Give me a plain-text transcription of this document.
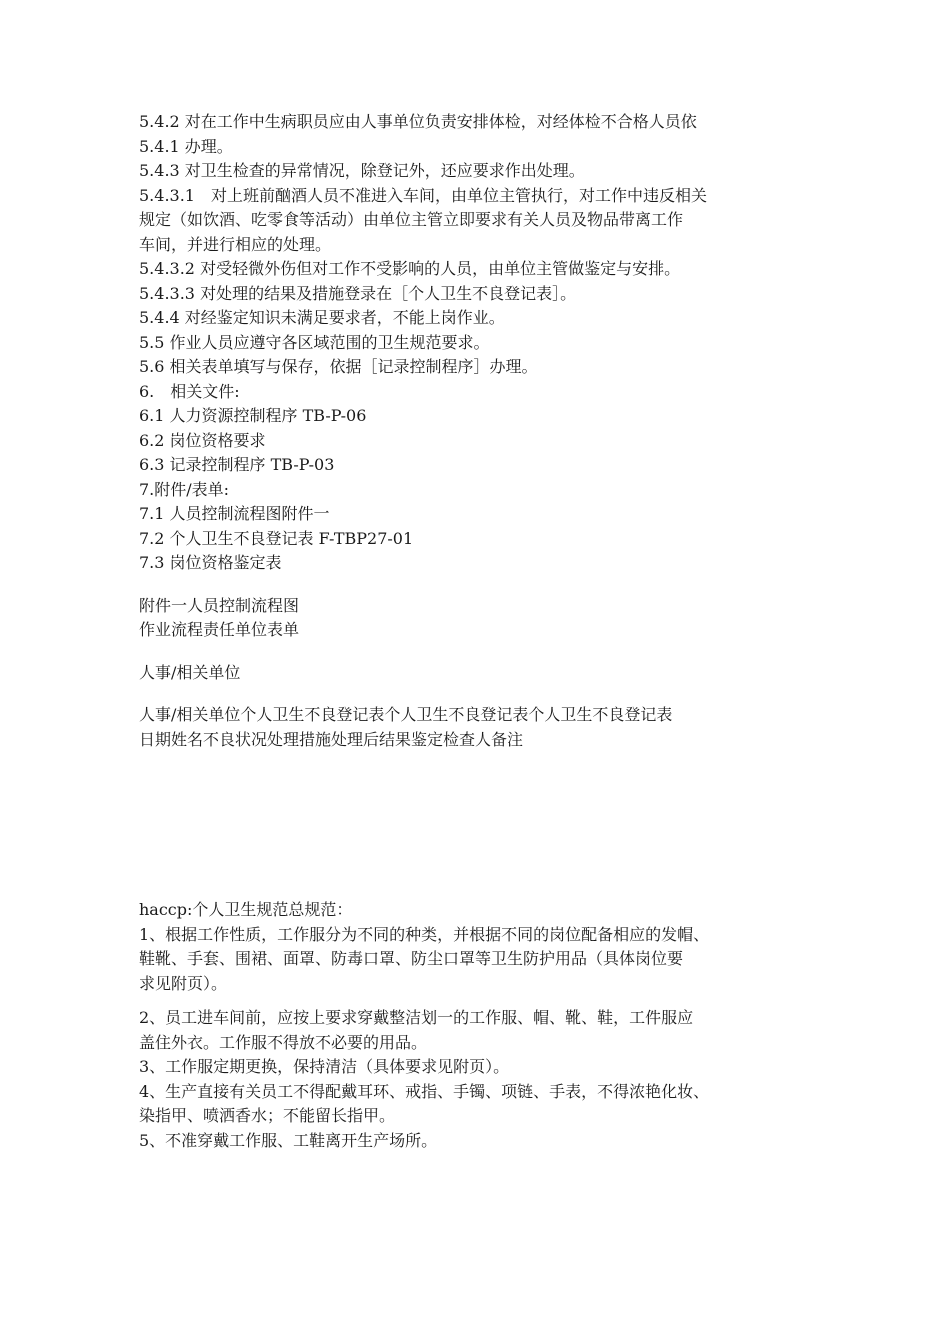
5.4.2 对在工作中生病职员应由人事单位负责安排体检，对经体检不合格人员依
5.4.1 办理。
5.4.3 对卫生检查的异常情况，除登记外，还应要求作出处理。
5.4.3.1　对上班前酗酒人员不准进入车间，由单位主管执行，对工作中违反相关
规定（如饮酒、吃零食等活动）由单位主管立即要求有关人员及物品带离工作
车间，并进行相应的处理。
5.4.3.2 对受轻微外伤但对工作不受影响的人员，由单位主管做鉴定与安排。
5.4.3.3 对处理的结果及措施登录在［个人卫生不良登记表］。
5.4.4 对经鉴定知识未满足要求者，不能上岗作业。
5.5 作业人员应遵守各区域范围的卫生规范要求。
5.6 相关表单填写与保存，依据［记录控制程序］办理。
6.　相关文件:
6.1 人力资源控制程序 TB-P-06
6.2 岗位资格要求
6.3 记录控制程序 TB-P-03
7.附件/表单:
7.1 人员控制流程图附件一
7.2 个人卫生不良登记表 F-TBP27-01
7.3 岗位资格鉴定表
附件一人员控制流程图
作业流程责任单位表单
人事/相关单位
人事/相关单位个人卫生不良登记表个人卫生不良登记表个人卫生不良登记表
日期姓名不良状况处理措施处理后结果鉴定检查人备注
haccp:个人卫生规范总规范：
1、根据工作性质，工作服分为不同的种类，并根据不同的岗位配备相应的发帽、
鞋靴、手套、围裙、面罩、防毒口罩、防尘口罩等卫生防护用品（具体岗位要
求见附页）。
2、员工进车间前，应按上要求穿戴整洁划一的工作服、帽、靴、鞋，工件服应
盖住外衣。工作服不得放不必要的用品。
3、工作服定期更换，保持清洁（具体要求见附页）。
4、生产直接有关员工不得配戴耳环、戒指、手镯、项链、手表，不得浓艳化妆、
染指甲、喷洒香水；不能留长指甲。
5、不准穿戴工作服、工鞋离开生产场所。
